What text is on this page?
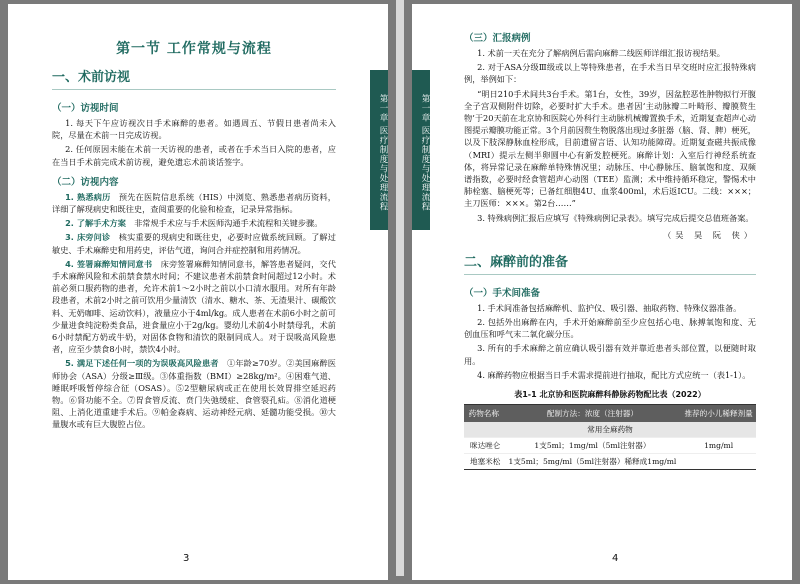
第一章 医疗制度与处理流程
第一节 工作常规与流程
一、术前访视
（一）访视时间

1. 每天下午应访视次日手术麻醉的患者。如遇周五、节假日患者尚未入院，尽量在术前一日完成访视。

2. 任何原因未能在术前一天访视的患者，或者在手术当日入院的患者，应在当日手术前完成术前访视，避免遗忘术前谈话签字。

（二）访视内容

1. 熟悉病历　 预先在医院信息系统（HIS）中浏览、熟悉患者病历资料，详细了解现病史和既往史，查阅重要的化验和检查，记录异常指标。

2. 了解手术方案　 非常规手术应与手术医师沟通手术流程和关键步骤。

3. 床旁问诊　 核实重要的现病史和既往史，必要时应做系统回顾。了解过敏史、手术麻醉史和用药史，评估气道，询问合并症控制和用药情况。

4. 签署麻醉知情同意书　 床旁签署麻醉知情同意书，解答患者疑问，交代手术麻醉风险和术前禁食禁水时间；不建议患者术前禁食时间超过12小时。术前必须口服药物的患者，允许术前1～2小时之前以小口清水服用。对所有年龄段患者，术前2小时之前可饮用少量清饮（清水、糖水、茶、无渣果汁、碳酸饮料、无奶咖啡、运动饮料），液量应小于4ml/kg。成人患者在术前6小时之前可少量进食纯淀粉类食品，进食量应小于2g/kg。婴幼儿术前4小时禁母乳，术前6小时禁配方奶或牛奶，对固体食物和清饮的限制同成人。对于误吸高风险患者，应至少禁食8小时，禁饮4小时。

5. 满足下述任何一项的为误吸高风险患者　 ①年龄≥70岁。②美国麻醉医师协会（ASA）分级≥Ⅲ级。③体重指数（BMI）≥28kg/m²。④困难气道、睡眠呼吸暂停综合征（OSAS）。⑤2型糖尿病或正在使用长效胃排空延迟药物。⑥肾功能不全。⑦胃食管反流、贲门失弛缓症、食管裂孔疝。⑧消化道梗阻、上消化道重建手术后。⑨帕金森病、运动神经元病、延髓功能受损。⑩大量腹水或有巨大腹腔占位。

3
第一章 医疗制度与处理流程
（三）汇报病例

1. 术前一天在充分了解病例后需向麻醉二线医师详细汇报访视结果。

2. 对于ASA分级Ⅲ级或以上等特殊患者，在手术当日早交班时应汇报特殊病例，举例如下：

“明日210手术间共3台手术。第1台，女性，39岁，因盆腔恶性肿物拟行开腹全子宫双侧附件切除，必要时扩大手术。患者因‘主动脉瓣二叶畸形、瓣膜赘生物’于20天前在北京协和医院心外科行主动脉机械瓣置换手术，近期复查超声心动图提示瓣膜功能正常。3个月前因赘生物脱落出现过多脏器（脑、肾、脾）梗死，以及下肢深静脉血栓形成，目前遗留言语、认知功能障碍。近期复查磁共振成像（MRI）提示左侧半卵圆中心有新发腔梗死。麻醉计划：入室后行神经系统查体，将异常记录在麻醉单特殊情况里；动脉压、中心静脉压、脑氧饱和度、双频谱指数，必要时经食管超声心动图（TEE）监测；术中维持循环稳定，警惕术中肺栓塞、脑梗死等；已备红细胞4U、血浆400ml，术后返ICU。二线：×××；主刀医师：×××。第2台……”

3. 特殊病例汇报后应填写《特殊病例记录表》。填写完成后提交总值班备案。

（吴 昊 阮 侠）
二、麻醉前的准备
（一）手术间准备

1. 手术间准备包括麻醉机、监护仪、吸引器、抽取药物、特殊仪器准备。

2. 包括外出麻醉在内，手术开始麻醉前至少应包括心电、脉搏氧饱和度、无创血压和呼气末二氧化碳分压。

3. 所有的手术麻醉之前应确认吸引器有效并靠近患者头部位置，以便随时取用。

4. 麻醉药物应根据当日手术需求提前进行抽取，配比方式应统一（表1-1）。

表1-1 北京协和医院麻醉科静脉药物配比表（2022）
药物名称	配制方法：浓度（注射器）	推荐的小儿稀释剂量
常用全麻药物		
咪达唑仑	1支5ml；1mg/ml（5ml注射器）	1mg/ml
地塞米松	1支5ml；5mg/ml（5ml注射器）稀释成1mg/ml	
4
